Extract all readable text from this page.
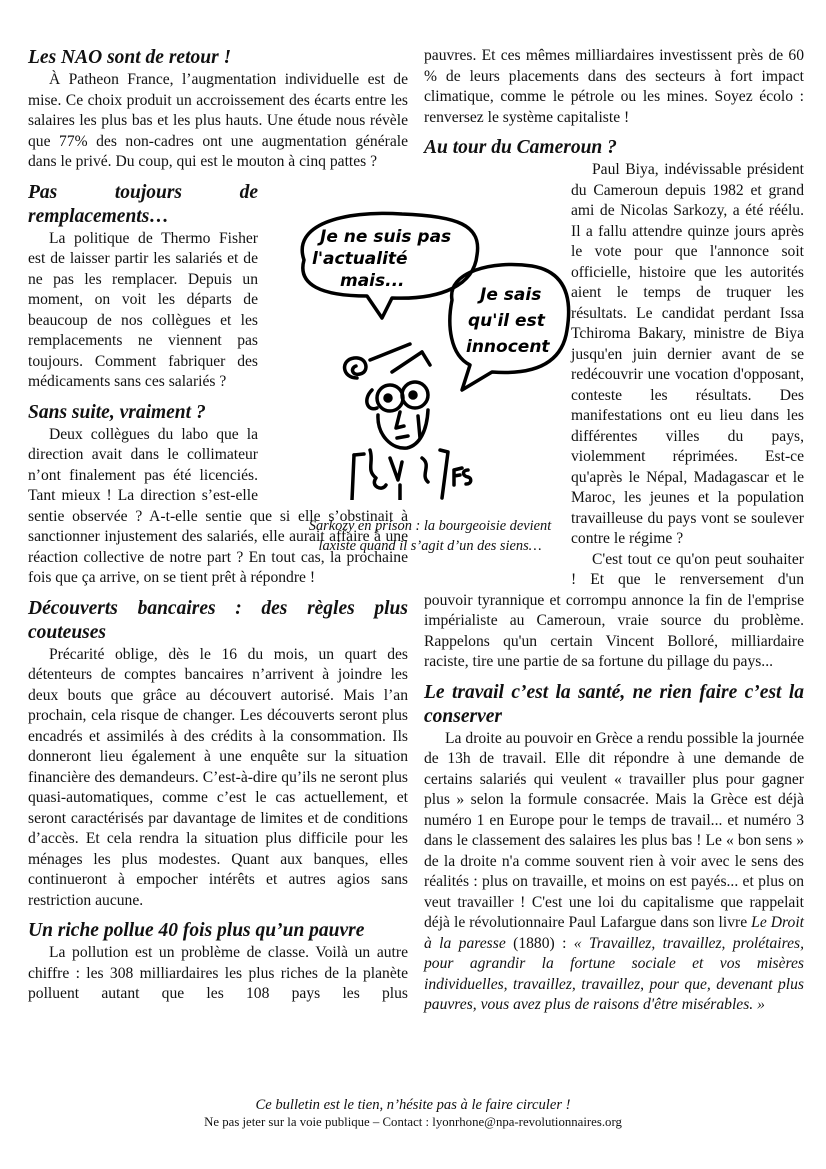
Les NAO sont de retour !

À Patheon France, l’augmentation individuelle est de mise. Ce choix produit un accroissement des écarts entre les salaires les plus bas et les plus hauts. Une étude nous révèle que 77% des non-cadres ont une augmentation générale dans le privé. Du coup, qui est le mouton à cinq pattes ?

Pas toujours de remplacements…

La politique de Thermo Fisher est de laisser partir les salariés et de ne pas les remplacer. Depuis un moment, on voit les départs de beaucoup de nos collègues et les remplacements ne viennent pas toujours. Comment fabriquer des médicaments sans ces salariés ?

Sans suite, vraiment ?

Deux collègues du labo que la direction avait dans le collimateur n’ont finalement pas été licenciés. Tant mieux ! La direction s’est-elle sentie observée ? A-t-elle sentie que si elle s’obstinait à sanctionner injustement des salariés, elle aurait affaire à une réaction collective de notre part ? En tout cas, la prochaine fois que ça arrive, on se tient prêt à répondre !

Découverts bancaires : des règles plus couteuses

Précarité oblige, dès le 16 du mois, un quart des détenteurs de comptes bancaires n’arrivent à joindre les deux bouts que grâce au découvert autorisé. Mais l’an prochain, cela risque de changer. Les découverts seront plus encadrés et assimilés à des crédits à la consommation. Ils donneront lieu également à une enquête sur la situation financière des demandeurs. C’est-à-dire qu’ils ne seront plus quasi-automatiques, comme c’est le cas actuellement, et seront caractérisés par davantage de limites et de conditions d’accès. Et cela rendra la situation plus difficile pour les ménages les plus modestes. Quant aux banques, elles continueront à empocher intérêts et autres agios sans restriction aucune.

Un riche pollue 40 fois plus qu’un pauvre

La pollution est un problème de classe. Voilà un autre chiffre : les 308 milliardaires les plus riches de la planète polluent autant que les 108 pays les plus

pauvres. Et ces mêmes milliardaires investissent près de 60 % de leurs placements dans des secteurs à fort impact climatique, comme le pétrole ou les mines. Soyez écolo : renversez le système capitaliste !

Au tour du Cameroun ?

Paul Biya, indévissable président du Cameroun depuis 1982 et grand ami de Nicolas Sarkozy, a été réélu. Il a fallu attendre quinze jours après le vote pour que l'annonce soit officielle, histoire que les autorités aient le temps de truquer les résultats. Le candidat perdant Issa Tchiroma Bakary, ministre de Biya jusqu'en juin dernier avant de se redécouvrir une vocation d'opposant, conteste les résultats. Des manifestations ont eu lieu dans les différentes villes du pays, violemment réprimées. Est-ce qu'après le Népal, Madagascar et le Maroc, les jeunes et la population travailleuse du pays vont se soulever contre le régime ?

C'est tout ce qu'on peut souhaiter ! Et que le renversement d'un pouvoir tyrannique et corrompu annonce la fin de l'emprise impérialiste au Cameroun, vraie source du problème. Rappelons qu'un certain Vincent Bolloré, milliardaire raciste, tire une partie de sa fortune du pillage du pays...

Le travail c’est la santé, ne rien faire c’est la conserver

La droite au pouvoir en Grèce a rendu possible la journée de 13h de travail. Elle dit répondre à une demande de certains salariés qui veulent « travailler plus pour gagner plus » selon la formule consacrée. Mais la Grèce est déjà numéro 1 en Europe pour le temps de travail... et numéro 3 dans le classement des salaires les plus bas ! Le « bon sens » de la droite n'a comme souvent rien à voir avec le sens des réalités : plus on travaille, et moins on est payés... et plus on veut travailler ! C'est une loi du capitalisme que rappelait déjà le révolutionnaire Paul Lafargue dans son livre Le Droit à la paresse (1880) : « Travaillez, travaillez, prolétaires, pour agrandir la fortune sociale et vos misères individuelles, travaillez, travaillez, pour que, devenant plus pauvres, vous avez plus de raisons d'être misérables. »

Je ne suis pas
l'actualité
mais...
Je sais
qu'il est
innocent
Sarkozy en prison : la bourgeoisie devient laxiste quand il s’agit d’un des siens…
Ce bulletin est le tien, n’hésite pas à le faire circuler !
Ne pas jeter sur la voie publique – Contact : lyonrhone@npa-revolutionnaires.org
